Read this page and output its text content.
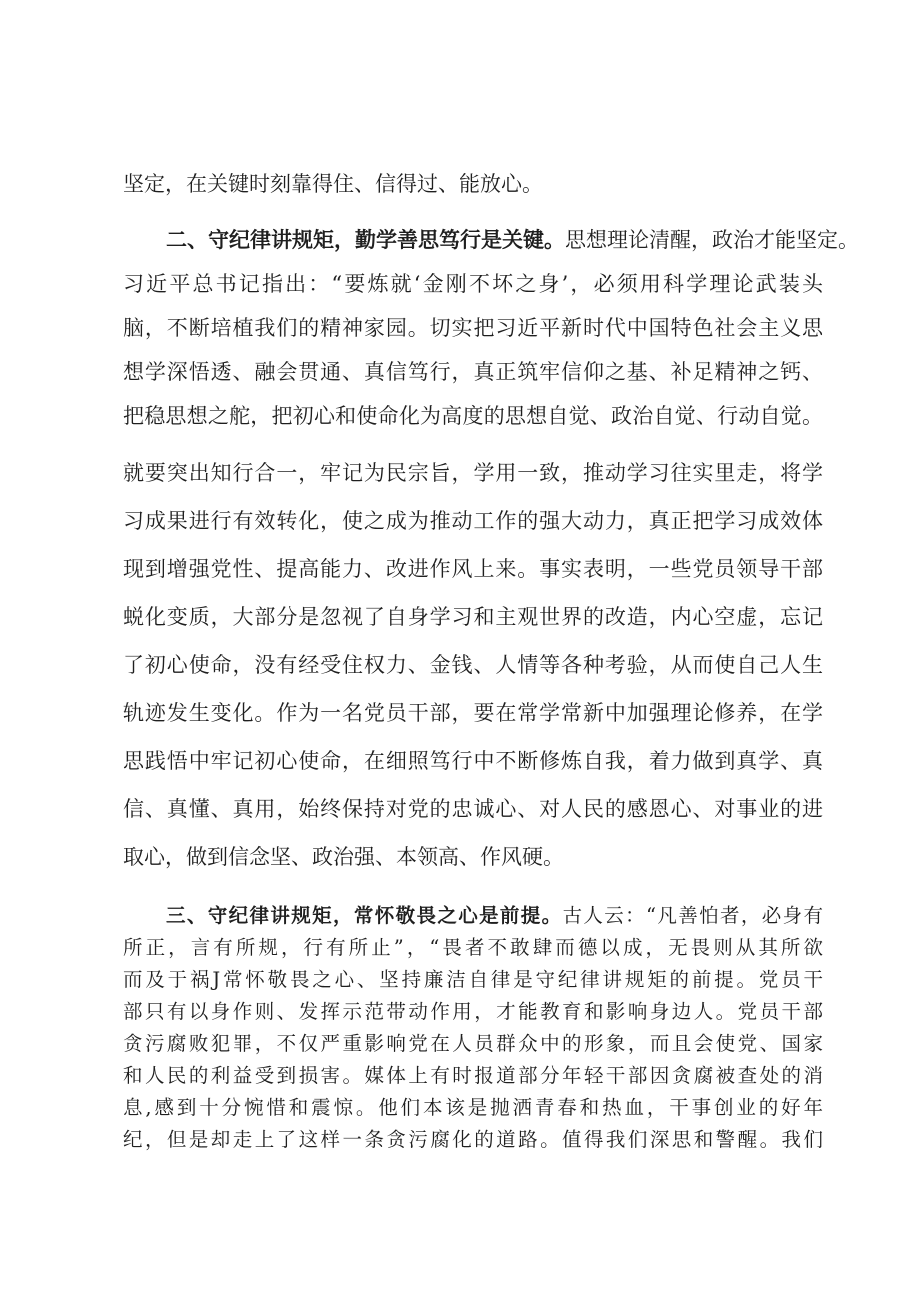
坚定，在关键时刻靠得住、信得过、能放心。
二、守纪律讲规矩，勤学善思笃行是关键。思想理论清醒，政治才能坚定。
习近平总书记指出：“要炼就‘金刚不坏之身’，必须用科学理论武装头
脑，不断培植我们的精神家园。切实把习近平新时代中国特色社会主义思
想学深悟透、融会贯通、真信笃行，真正筑牢信仰之基、补足精神之钙、
把稳思想之舵，把初心和使命化为高度的思想自觉、政治自觉、行动自觉。
就要突出知行合一，牢记为民宗旨，学用一致，推动学习往实里走，将学
习成果进行有效转化，使之成为推动工作的强大动力，真正把学习成效体
现到增强党性、提高能力、改进作风上来。事实表明，一些党员领导干部
蜕化变质，大部分是忽视了自身学习和主观世界的改造，内心空虚，忘记
了初心使命，没有经受住权力、金钱、人情等各种考验，从而使自己人生
轨迹发生变化。作为一名党员干部，要在常学常新中加强理论修养，在学
思践悟中牢记初心使命，在细照笃行中不断修炼自我，着力做到真学、真
信、真懂、真用，始终保持对党的忠诚心、对人民的感恩心、对事业的进
取心，做到信念坚、政治强、本领高、作风硬。
三、守纪律讲规矩，常怀敬畏之心是前提。古人云：“凡善怕者，必身有
所正，言有所规，行有所止”，“畏者不敢肆而德以成，无畏则从其所欲
而及于祸J常怀敬畏之心、坚持廉洁自律是守纪律讲规矩的前提。党员干
部只有以身作则、发挥示范带动作用，才能教育和影响身边人。党员干部
贪污腐败犯罪，不仅严重影响党在人员群众中的形象，而且会使党、国家
和人民的利益受到损害。媒体上有时报道部分年轻干部因贪腐被查处的消
息,感到十分惋惜和震惊。他们本该是抛洒青春和热血，干事创业的好年
纪，但是却走上了这样一条贪污腐化的道路。值得我们深思和警醒。我们
